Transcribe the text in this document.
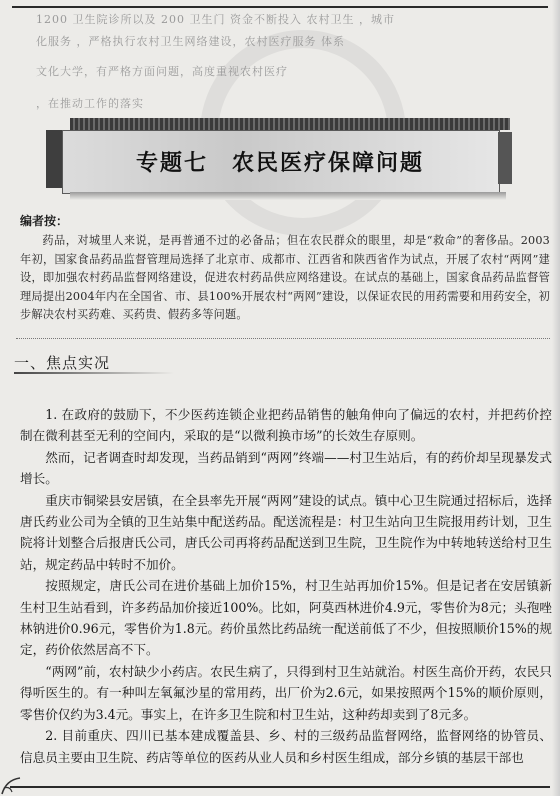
1200 卫生院诊所以及 200 卫生门 资金不断投入 农村卫生 ，城市
化服务 ，严格执行农村卫生网络建设，农村医疗服务 体系
文化大学，有严格方面问题，高度重视农村医疗
，在推动工作的落实
专题七　农民医疗保障问题
编者按：
药品，对城里人来说，是再普通不过的必备品；但在农民群众的眼里，却是“救命”的奢侈品。2003年初，国家食品药品监督管理局选择了北京市、成都市、江西省和陕西省作为试点，开展了农村“两网”建设，即加强农村药品监督网络建设，促进农村药品供应网络建设。在试点的基础上，国家食品药品监督管理局提出2004年内在全国省、市、县100%开展农村“两网”建设，以保证农民的用药需要和用药安全，初步解决农村买药难、买药贵、假药多等问题。
一、焦点实况

1. 在政府的鼓励下，不少医药连锁企业把药品销售的触角伸向了偏远的农村，并把药价控制在微利甚至无利的空间内，采取的是“以微利换市场”的长效生存原则。

然而，记者调查时却发现，当药品销到“两网”终端——村卫生站后，有的药价却呈现暴发式增长。

重庆市铜梁县安居镇，在全县率先开展“两网”建设的试点。镇中心卫生院通过招标后，选择唐氏药业公司为全镇的卫生站集中配送药品。配送流程是：村卫生站向卫生院报用药计划，卫生院将计划整合后报唐氏公司，唐氏公司再将药品配送到卫生院，卫生院作为中转地转送给村卫生站，规定药品中转时不加价。

按照规定，唐氏公司在进价基础上加价15%，村卫生站再加价15%。但是记者在安居镇新生村卫生站看到，许多药品加价接近100%。比如，阿莫西林进价4.9元，零售价为8元；头孢唑林钠进价0.96元，零售价为1.8元。药价虽然比药品统一配送前低了不少，但按照顺价15%的规定，药价依然居高不下。

“两网”前，农村缺少小药店。农民生病了，只得到村卫生站就治。村医生高价开药，农民只得听医生的。有一种叫左氧氟沙星的常用药，出厂价为2.6元，如果按照两个15%的顺价原则，零售价仅约为3.4元。事实上，在许多卫生院和村卫生站，这种药却卖到了8元多。

2. 目前重庆、四川已基本建成覆盖县、乡、村的三级药品监督网络，监督网络的协管员、信息员主要由卫生院、药店等单位的医药从业人员和乡村医生组成，部分乡镇的基层干部也
